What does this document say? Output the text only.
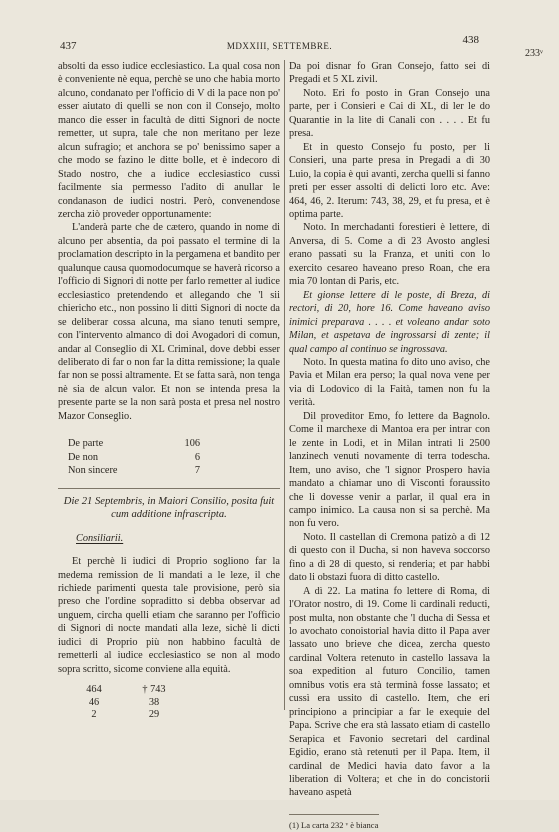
437	MDXXIII, SETTEMBRE.	438
233ᵛ

absolti da esso iudice ecclesiastico. La qual cosa non è conveniente nè equa, perchè se uno che habia morto alcuno, condanato per l'officio di V di la pace non po' esser aiutato di quelli se non con il Consejo, molto manco die esser in facultà de ditti Signori de nocte remetter, ut supra, tale che non meritano per leze alcun sufragio; et anchora se po' benissimo saper a che modo se fazino le ditte bolle, et è indecoro di Stado nostro, che a iudice ecclesiastico cussì facilmente sia permesso l'adito di anullar le condanason de iudici nostri. Però, convenendose zercha ziò proveder opportunamente:

L'anderà parte che de cætero, quando in nome di alcuno per absentia, da poi passato el termine di la proclamation descripto in la pergamena et bandito per qualunque causa quomodocumque se haverà ricorso a l'officio di Signori di notte per farlo remetter al iudice ecclesiastico pretendendo et allegando che 'l sii chiericho etc., non possino li ditti Signori di nocte da se deliberar cossa alcuna, ma siano tenuti sempre, con l'intervento almanco di doi Avogadori di comun, andar al Conseglio di XL Criminal, dove debbi esser deliberato di far o non far la ditta remissione; la quale far non se possi altramente. Et se fatta sarà, non tenga nè sia de alcun valor. Et non se intenda presa la presente parte se la non sarà posta et presa nel nostro Mazor Conseglio.

De parte	106
De non	6
Non sincere	7
Die 21 Septembris, in Maiori Consilio, posita fuit cum additione infrascripta.
Consiliarii.

Et perchè li iudici di Proprio sogliono far la medema remission de li mandati a le leze, il che richiede parimenti questa tale provisione, però sia preso che l'ordine sopraditto si debba observar ad unguem, circha quelli etiam che saranno per l'officio di Signori di nocte mandati alla leze, sichè li dicti iudici di Proprio più non habbino facultà de remetterli al iudice ecclesiastico se non al modo sopra scritto, sicome conviene alla equità.

464	† 743
46	38
2	29

Da poi disnar fo Gran Consejo, fatto sei di Pregadi et 5 XL zivil.

Noto. Eri fo posto in Gran Consejo una parte, per i Consieri e Cai di XL, di ler le do Quarantie in la lite di Canali con . . . . Et fu presa.

Et in questo Consejo fu posto, per li Consieri, una parte presa in Pregadi a dì 30 Luio, la copia è qui avanti, zercha quelli si fanno preti per esser assolti di delicti loro etc. Ave: 464, 46, 2. Iterum: 743, 38, 29, et fu presa, et è optima parte.

Noto. In merchadanti forestieri è lettere, di Anversa, di 5. Come a dì 23 Avosto anglesi erano passati su la Franza, et uniti con lo exercito cesareo haveano preso Roan, che era mia 70 lontan di Paris, etc.

Et gionse lettere di le poste, di Breza, di rectori, di 20, hore 16. Come haveano aviso inimici preparava . . . . et voleano andar soto Milan, et aspetava de ingrossarsi di zente; il qual campo al continuo se ingrossava.

Noto. In questa matina fo dito uno aviso, che Pavia et Milan era perso; la qual nova vene per via di Lodovico di la Faità, tamen non fu la verità.

Dil proveditor Emo, fo lettere da Bagnolo. Come il marchexe di Mantoa era per intrar con le zente in Lodi, et in Milan intrati li 2500 lanzinech venuti novamente di terra todescha. Item, uno aviso, che 'l signor Prospero havia mandato a chiamar uno di Visconti foraussito che li dovesse venir a parlar, il qual era in campo inimico. La causa non si sa perchè. Ma non fu vero.

Noto. Il castellan di Cremona patizò a dì 12 di questo con il Ducha, si non haveva soccorso fino a dì 28 di questo, si renderia; et par habbi dato li obstazi fuora di ditto castello.

A dì 22. La matina fo lettere di Roma, di l'Orator nostro, di 19. Come li cardinali reducti, post multa, non obstante che 'l ducha di Sessa et lo avochato conoistorial havia ditto il Papa aver lassato uno brieve che dicea, zercha questo cardinal Voltera retenuto in castello lassava la soa expedition al futuro Concilio, tamen omnibus votis era stà terminà fosse lassato; et cussì era ussito di castello. Item, che eri principiono a principiar a far le exequie del Papa. Scrive che era stà lassato etiam di castello Serapica et Favonio secretari del cardinal Egidio, erano stà retenuti per il Papa. Item, il cardinal de Medici havia dato favor a la liberation di Voltera; et che in do concistorii haveano aspetà

(1) La carta 232 ᵛ è bianca
